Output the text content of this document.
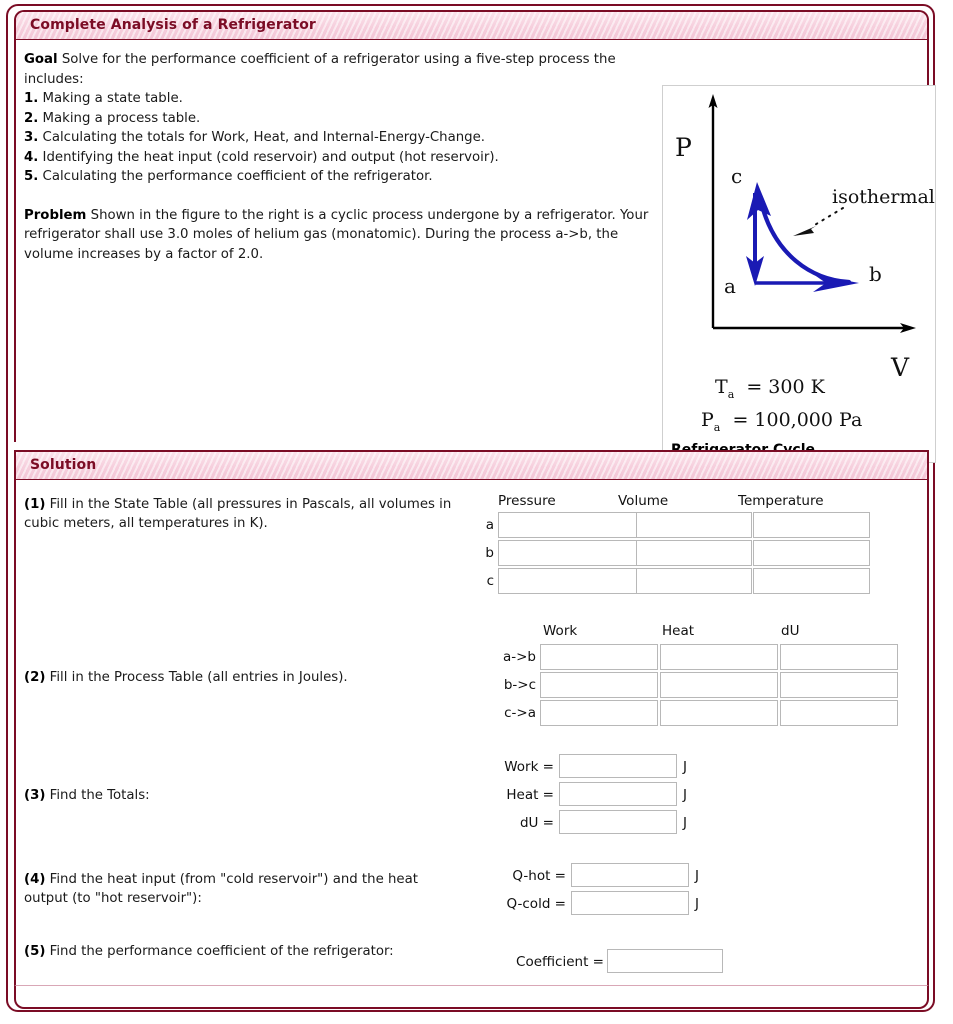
Complete Analysis of a Refrigerator
Goal Solve for the performance coefficient of a refrigerator using a five-step process the includes:
1. Making a state table.
2. Making a process table.
3. Calculating the totals for Work, Heat, and Internal-Energy-Change.
4. Identifying the heat input (cold reservoir) and output (hot reservoir).
5. Calculating the performance coefficient of the refrigerator.
Problem Shown in the figure to the right is a cyclic process undergone by a refrigerator. Your refrigerator shall use 3.0 moles of helium gas (monatomic). During the process a->b, the volume increases by a factor of 2.0.
P
V
c
a	b
isothermal
$T_a = 300$ K
$P_a = 100,000$ Pa
Solution
(1) Fill in the State Table (all pressures in Pascals, all volumes in cubic meters, all temperatures in K).
Pressure	Volume	Temperature
a
b
c
(2) Fill in the Process Table (all entries in Joules).
Work	Heat	dU
a->b
b->c
c->a
(3) Find the Totals:
Work =	J
Heat =	J
dU =	J
(4) Find the heat input (from "cold reservoir") and the heat output (to "hot reservoir"):
Q-hot =	J
Q-cold =	J
(5) Find the performance coefficient of the refrigerator:
Coefficient =
